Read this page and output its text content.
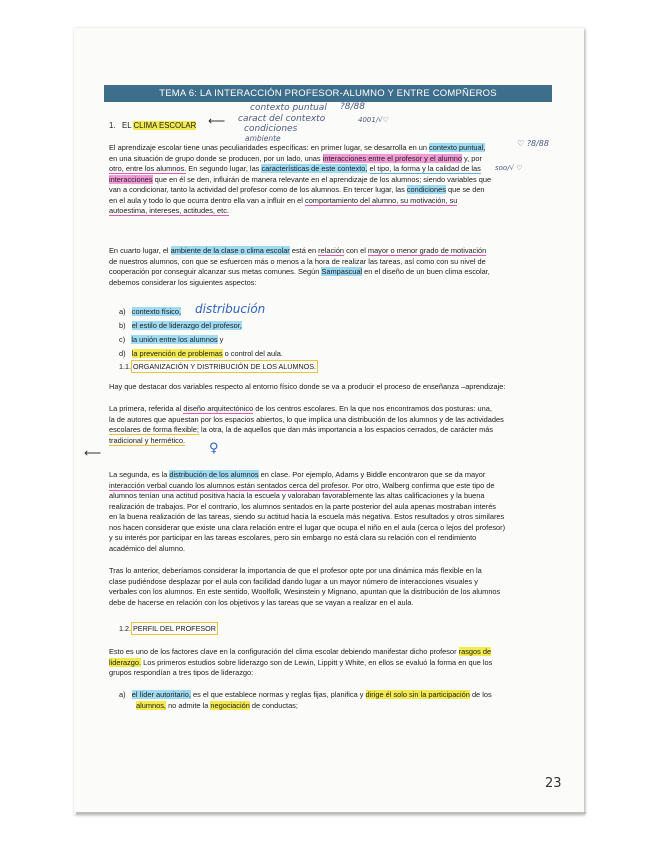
TEMA 6: LA INTERACCIÓN PROFESOR-ALUMNO Y ENTRE COMPÑEROS
contexto puntual ?8/88
caract del contexto	4001/√♡
condiciones
ambiente
⟵
1. EL CLIMA ESCOLAR
El aprendizaje escolar tiene unas peculiaridades específicas: en primer lugar, se desarrolla en un contexto puntual,	♡ ?8/88
en una situación de grupo donde se producen, por un lado, unas interacciones entre el profesor y el alumno y, por
otro, entre los alumnos. En segundo lugar, las características de este contexto, el tipo, la forma y la calidad de las soo/√ ♡
interacciones que en él se den, influirán de manera relevante en el aprendizaje de los alumnos; siendo variables que
van a condicionar, tanto la actividad del profesor como de los alumnos. En tercer lugar, las condiciones que se den
en el aula y todo lo que ocurra dentro ella van a influir en el comportamiento del alumno, su motivación, su
autoestima, intereses, actitudes, etc.
En cuarto lugar, el ambiente de la clase o clima escolar está en relación con el mayor o menor grado de motivación
de nuestros alumnos, con que se esfuercen más o menos a la hora de realizar las tareas, así como con su nivel de
cooperación por conseguir alcanzar sus metas comunes. Según Sampascual en el diseño de un buen clima escolar,
debemos considerar los siguientes aspectos:
a) contexto físico, distribución
b) el estilo de liderazgo del profesor,
c) la unión entre los alumnos y
d) la prevención de problemas o control del aula.
1.1. ORGANIZACIÓN Y DISTRIBUCIÓN DE LOS ALUMNOS.
Hay que destacar dos variables respecto al entorno físico donde se va a producir el proceso de enseñanza –aprendizaje:
La primera, referida al diseño arquitectónico de los centros escolares. En la que nos encontramos dos posturas: una,
la de autores que apuestan por los espacios abiertos, lo que implica una distribución de los alumnos y de las actividades
escolares de forma flexible; la otra, la de aquellos que dan más importancia a los espacios cerrados, de carácter más
tradicional y hermético.
⟵	♀
La segunda, es la distribución de los alumnos en clase. Por ejemplo, Adams y Biddle encontraron que se da mayor
interacción verbal cuando los alumnos están sentados cerca del profesor. Por otro, Walberg confirma que este tipo de
alumnos tenían una actitud positiva hacia la escuela y valoraban favorablemente las altas calificaciones y la buena
realización de trabajos. Por el contrario, los alumnos sentados en la parte posterior del aula apenas mostraban interés
en la buena realización de las tareas, siendo su actitud hacia la escuela más negativa. Estos resultados y otros similares
nos hacen considerar que existe una clara relación entre el lugar que ocupa el niño en el aula (cerca o lejos del profesor)
y su interés por participar en las tareas escolares, pero sin embargo no está clara su relación con el rendimiento
académico del alumno.
Tras lo anterior, deberíamos considerar la importancia de que el profesor opte por una dinámica más flexible en la
clase pudiéndose desplazar por el aula con facilidad dando lugar a un mayor número de interacciones visuales y
verbales con los alumnos. En este sentido, Woolfolk, Wesinstein y Mignano, apuntan que la distribución de los alumnos
debe de hacerse en relación con los objetivos y las tareas que se vayan a realizar en el aula.
1.2. PERFIL DEL PROFESOR
Esto es uno de los factores clave en la configuración del clima escolar debiendo manifestar dicho profesor rasgos de
liderazgo. Los primeros estudios sobre liderazgo son de Lewin, Lippitt y White, en ellos se evaluó la forma en que los
grupos respondían a tres tipos de liderazgo:
a) el líder autoritario, es el que establece normas y reglas fijas, planifica y dirige él solo sin la participación de los
alumnos, no admite la negociación de conductas;
23
